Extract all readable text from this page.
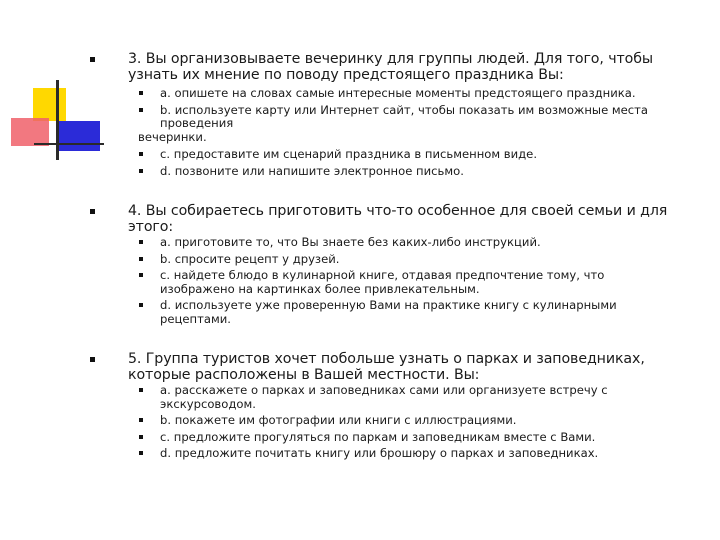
3. Вы организовываете вечеринку для группы людей. Для того, чтобы узнать их мнение по поводу предстоящего праздника Вы:
a. опишете на словах самые интересные моменты предстоящего праздника.
b. используете карту или Интернет сайт, чтобы показать им возможные места проведения
вечеринки.
c. предоставите им сценарий праздника в письменном виде.
d. позвоните или напишите электронное письмо.
4. Вы собираетесь приготовить что-то особенное для своей семьи и для этого:
a. приготовите то, что Вы знаете без каких-либо инструкций.
b. спросите рецепт у друзей.
c. найдете блюдо в кулинарной книге, отдавая предпочтение тому, что изображено на картинках более привлекательным.
d. используете уже проверенную Вами на практике книгу с кулинарными рецептами.
5. Группа туристов хочет побольше узнать о парках и заповедниках, которые расположены в Вашей местности. Вы:
a. расскажете о парках и заповедниках сами или организуете встречу с экскурсоводом.
b. покажете им фотографии или книги с иллюстрациями.
c. предложите прогуляться по паркам и заповедникам вместе с Вами.
d. предложите почитать книгу или брошюру о парках и заповедниках.
